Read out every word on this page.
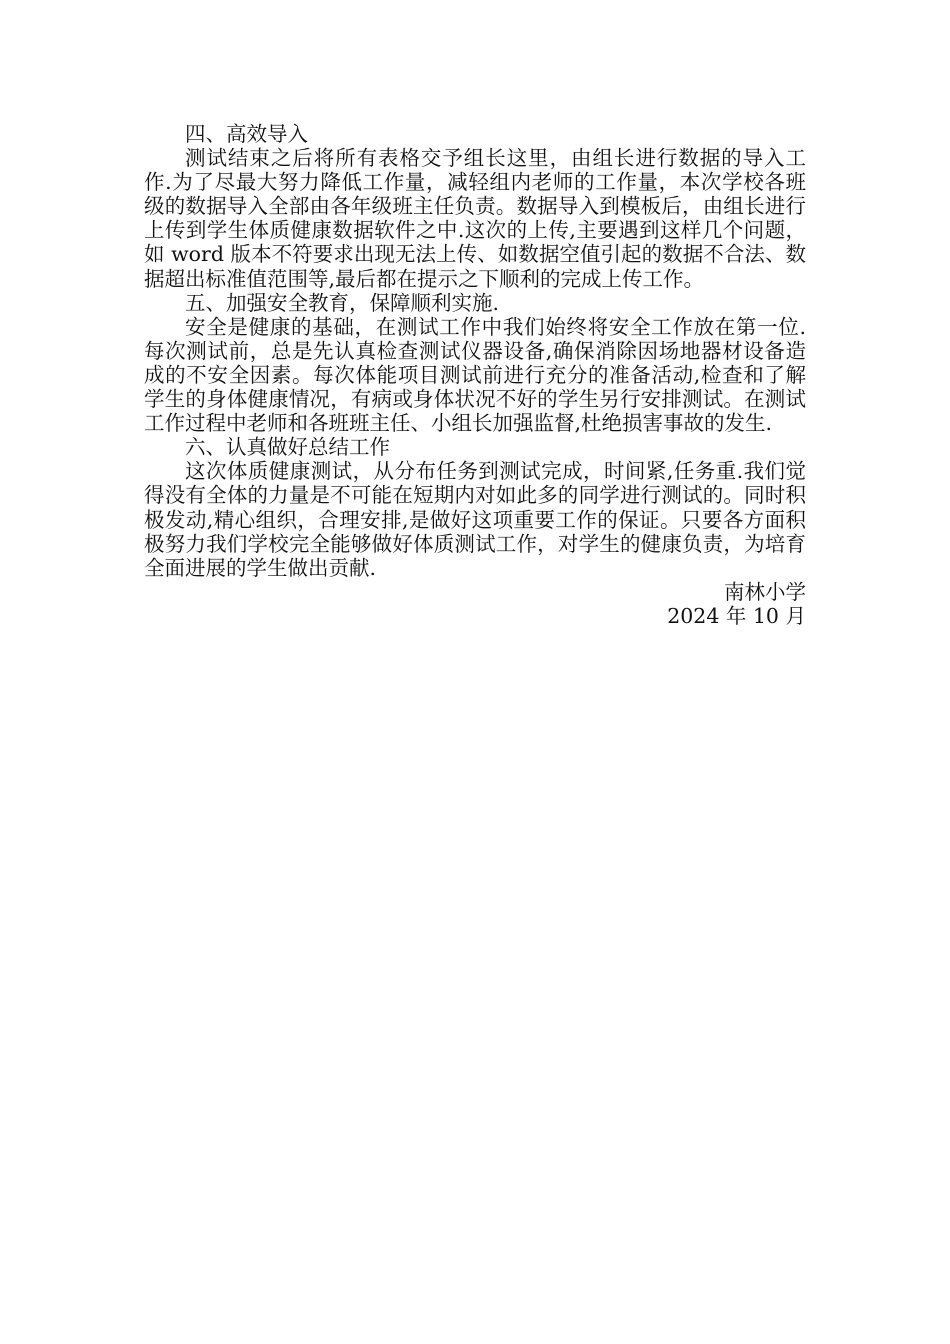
四、高效导入

测试结束之后将所有表格交予组长这里，由组长进行数据的导入工作.为了尽最大努力降低工作量，减轻组内老师的工作量，本次学校各班级的数据导入全部由各年级班主任负责。数据导入到模板后，由组长进行上传到学生体质健康数据软件之中.这次的上传,主要遇到这样几个问题，如 word 版本不符要求出现无法上传、如数据空值引起的数据不合法、数据超出标准值范围等,最后都在提示之下顺利的完成上传工作。

五、加强安全教育，保障顺利实施.

安全是健康的基础，在测试工作中我们始终将安全工作放在第一位.每次测试前，总是先认真检查测试仪器设备,确保消除因场地器材设备造成的不安全因素。每次体能项目测试前进行充分的准备活动,检查和了解学生的身体健康情况，有病或身体状况不好的学生另行安排测试。在测试工作过程中老师和各班班主任、小组长加强监督,杜绝损害事故的发生.

六、认真做好总结工作

这次体质健康测试，从分布任务到测试完成，时间紧,任务重.我们觉得没有全体的力量是不可能在短期内对如此多的同学进行测试的。同时积极发动,精心组织，合理安排,是做好这项重要工作的保证。只要各方面积极努力我们学校完全能够做好体质测试工作，对学生的健康负责，为培育全面进展的学生做出贡献.

南林小学

2024 年 10 月
